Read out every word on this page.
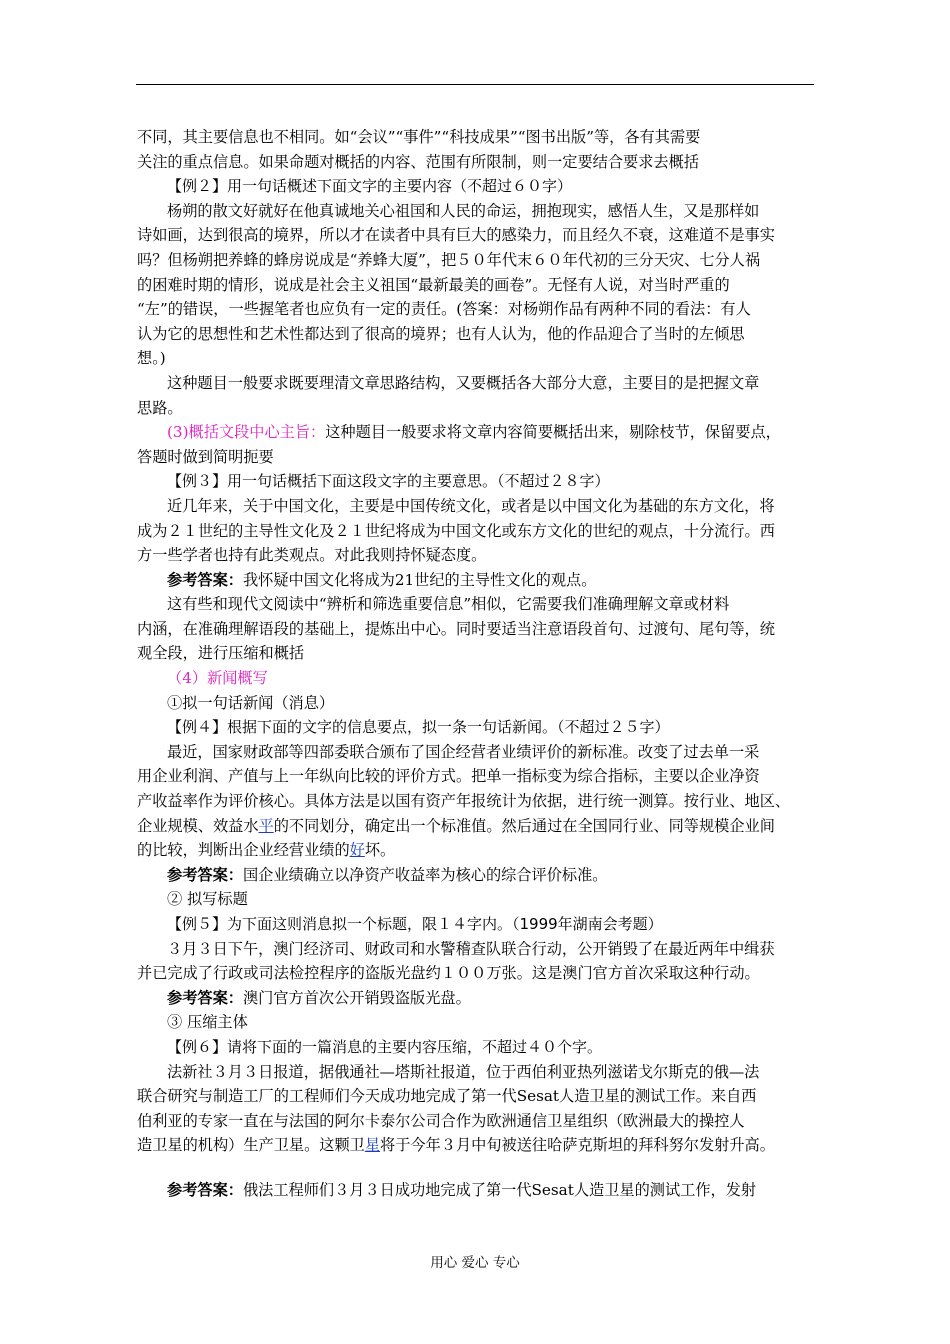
不同，其主要信息也不相同。如“会议”“事件”“科技成果”“图书出版”等，各有其需要

关注的重点信息。如果命题对概括的内容、范围有所限制，则一定要结合要求去概括

【例２】用一句话概述下面文字的主要内容（不超过６０字）

杨朔的散文好就好在他真诚地关心祖国和人民的命运，拥抱现实，感悟人生，又是那样如

诗如画，达到很高的境界，所以才在读者中具有巨大的感染力，而且经久不衰，这难道不是事实

吗？但杨朔把养蜂的蜂房说成是“养蜂大厦”，把５０年代末６０年代初的三分天灾、七分人祸

的困难时期的情形，说成是社会主义祖国“最新最美的画卷”。无怪有人说，对当时严重的

“左”的错误，一些握笔者也应负有一定的责任。(答案：对杨朔作品有两种不同的看法：有人

认为它的思想性和艺术性都达到了很高的境界；也有人认为，他的作品迎合了当时的左倾思

想。)

这种题目一般要求既要理清文章思路结构，又要概括各大部分大意，主要目的是把握文章

思路。

(3)概括文段中心主旨：这种题目一般要求将文章内容简要概括出来，剔除枝节，保留要点，

答题时做到简明扼要

【例３】用一句话概括下面这段文字的主要意思。（不超过２８字）

近几年来，关于中国文化，主要是中国传统文化，或者是以中国文化为基础的东方文化，将

成为２１世纪的主导性文化及２１世纪将成为中国文化或东方文化的世纪的观点，十分流行。西

方一些学者也持有此类观点。对此我则持怀疑态度。

参考答案：我怀疑中国文化将成为21世纪的主导性文化的观点。

这有些和现代文阅读中“辨析和筛选重要信息”相似，它需要我们准确理解文章或材料

内涵，在准确理解语段的基础上，提炼出中心。同时要适当注意语段首句、过渡句、尾句等，统

观全段，进行压缩和概括

（4）新闻概写

①拟一句话新闻（消息）

【例４】根据下面的文字的信息要点，拟一条一句话新闻。（不超过２５字）

最近，国家财政部等四部委联合颁布了国企经营者业绩评价的新标准。改变了过去单一采

用企业利润、产值与上一年纵向比较的评价方式。把单一指标变为综合指标，主要以企业净资

产收益率作为评价核心。具体方法是以国有资产年报统计为依据，进行统一测算。按行业、地区、

企业规模、效益水平的不同划分，确定出一个标准值。然后通过在全国同行业、同等规模企业间

的比较，判断出企业经营业绩的好坏。

参考答案：国企业绩确立以净资产收益率为核心的综合评价标准。

② 拟写标题

【例５】为下面这则消息拟一个标题，限１４字内。（1999年湖南会考题）

３月３日下午，澳门经济司、财政司和水警稽查队联合行动，公开销毁了在最近两年中缉获

并已完成了行政或司法检控程序的盗版光盘约１００万张。这是澳门官方首次采取这种行动。

参考答案：澳门官方首次公开销毁盗版光盘。

③ 压缩主体

【例６】请将下面的一篇消息的主要内容压缩，不超过４０个字。

法新社３月３日报道，据俄通社—塔斯社报道，位于西伯利亚热列滋诺戈尔斯克的俄—法

联合研究与制造工厂的工程师们今天成功地完成了第一代Sesat人造卫星的测试工作。来自西

伯利亚的专家一直在与法国的阿尔卡泰尔公司合作为欧洲通信卫星组织（欧洲最大的操控人

造卫星的机构）生产卫星。这颗卫星将于今年３月中旬被送往哈萨克斯坦的拜科努尔发射升高。

参考答案：俄法工程师们３月３日成功地完成了第一代Sesat人造卫星的测试工作，发射

用心 爱心 专心
